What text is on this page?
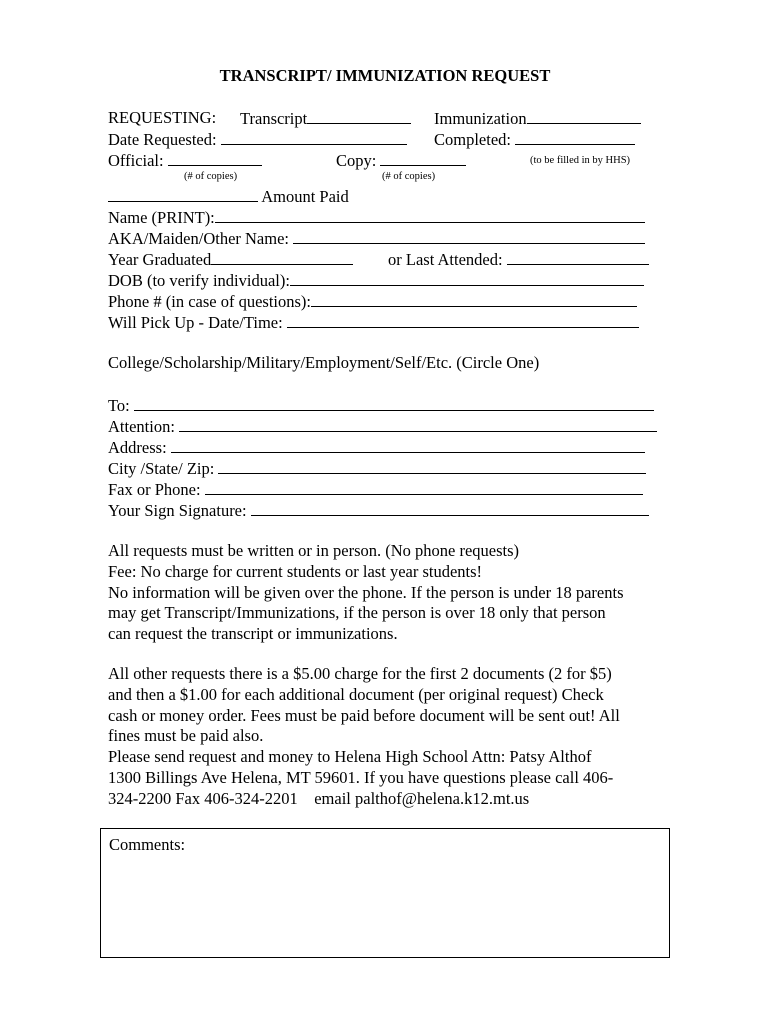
TRANSCRIPT/ IMMUNIZATION REQUEST
REQUESTING: Transcript	Immunization
Date Requested:	Completed:
Official:	Copy:	(to be filled in by HHS)
(# of copies)	(# of copies)
Amount Paid
Name (PRINT):
AKA/Maiden/Other Name:
Year Graduated	or Last Attended:
DOB (to verify individual):
Phone # (in case of questions):
Will Pick Up - Date/Time:
College/Scholarship/Military/Employment/Self/Etc. (Circle One)
To:
Attention:
Address:
City /State/ Zip:
Fax or Phone:
Your Sign Signature:
All requests must be written or in person. (No phone requests)
Fee: No charge for current students or last year students!
No information will be given over the phone. If the person is under 18 parents
may get Transcript/Immunizations, if the person is over 18 only that person
can request the transcript or immunizations.
All other requests there is a $5.00 charge for the first 2 documents (2 for $5)
and then a $1.00 for each additional document (per original request) Check
cash or money order. Fees must be paid before document will be sent out! All
fines must be paid also.
Please send request and money to Helena High School Attn: Patsy Althof
1300 Billings Ave Helena, MT 59601. If you have questions please call 406-
324-2200 Fax 406-324-2201    email palthof@helena.k12.mt.us
Comments:
